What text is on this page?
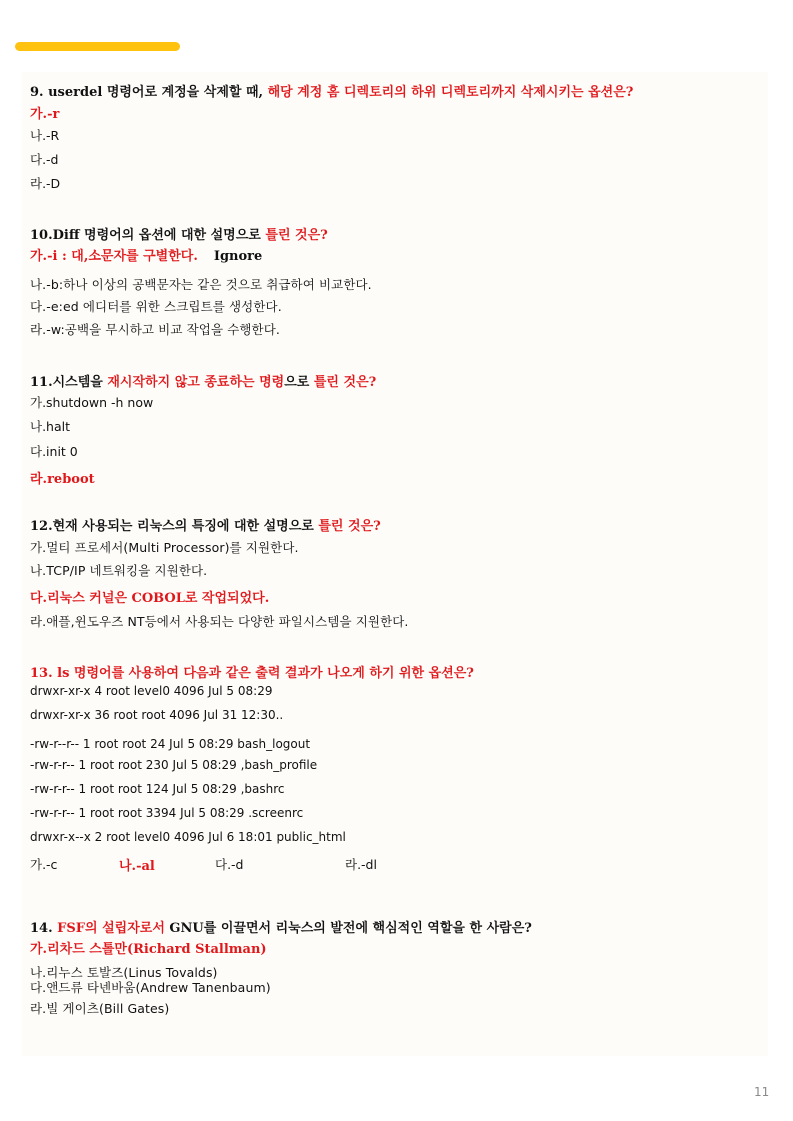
9. userdel 명령어로 계정을 삭제할 때, 해당 계정 홈 디렉토리의 하위 디렉토리까지 삭제시키는 옵션은?
가.-r
나.-R
다.-d
라.-D
10.Diff 명령어의 옵션에 대한 설명으로 틀린 것은?
가.-i : 대,소문자를 구별한다. Ignore
나.-b:하나 이상의 공백문자는 같은 것으로 취급하여 비교한다.
다.-e:ed 에디터를 위한 스크립트를 생성한다.
라.-w:공백을 무시하고 비교 작업을 수행한다.
11.시스템을 재시작하지 않고 종료하는 명령으로 틀린 것은?
가.shutdown -h now
나.halt
다.init 0
라.reboot
12.현재 사용되는 리눅스의 특징에 대한 설명으로 틀린 것은?
가.멀티 프로세서(Multi Processor)를 지원한다.
나.TCP/IP 네트워킹을 지원한다.
다.리눅스 커널은 COBOL로 작업되었다.
라.애플,윈도우즈 NT등에서 사용되는 다양한 파일시스템을 지원한다.
13. ls 명령어를 사용하여 다음과 같은 출력 결과가 나오게 하기 위한 옵션은?
drwxr-xr-x 4 root level0 4096 Jul 5 08:29
drwxr-xr-x 36 root root 4096 Jul 31 12:30..
-rw-r--r-- 1 root root 24 Jul 5 08:29 bash_logout
-rw-r-r-- 1 root root 230 Jul 5 08:29 ,bash_profile
-rw-r-r-- 1 root root 124 Jul 5 08:29 ,bashrc
-rw-r-r-- 1 root root 3394 Jul 5 08:29 .screenrc
drwxr-x--x 2 root level0 4096 Jul 6 18:01 public_html
가.-c	나.-al	다.-d	라.-dl
14. FSF의 설립자로서 GNU를 이끌면서 리눅스의 발전에 핵심적인 역할을 한 사람은?
가.리차드 스톨만(Richard Stallman)
나.리누스 토발즈(Linus Tovalds)
다.앤드류 타넨바움(Andrew Tanenbaum)
라.빌 게이츠(Bill Gates)
11
